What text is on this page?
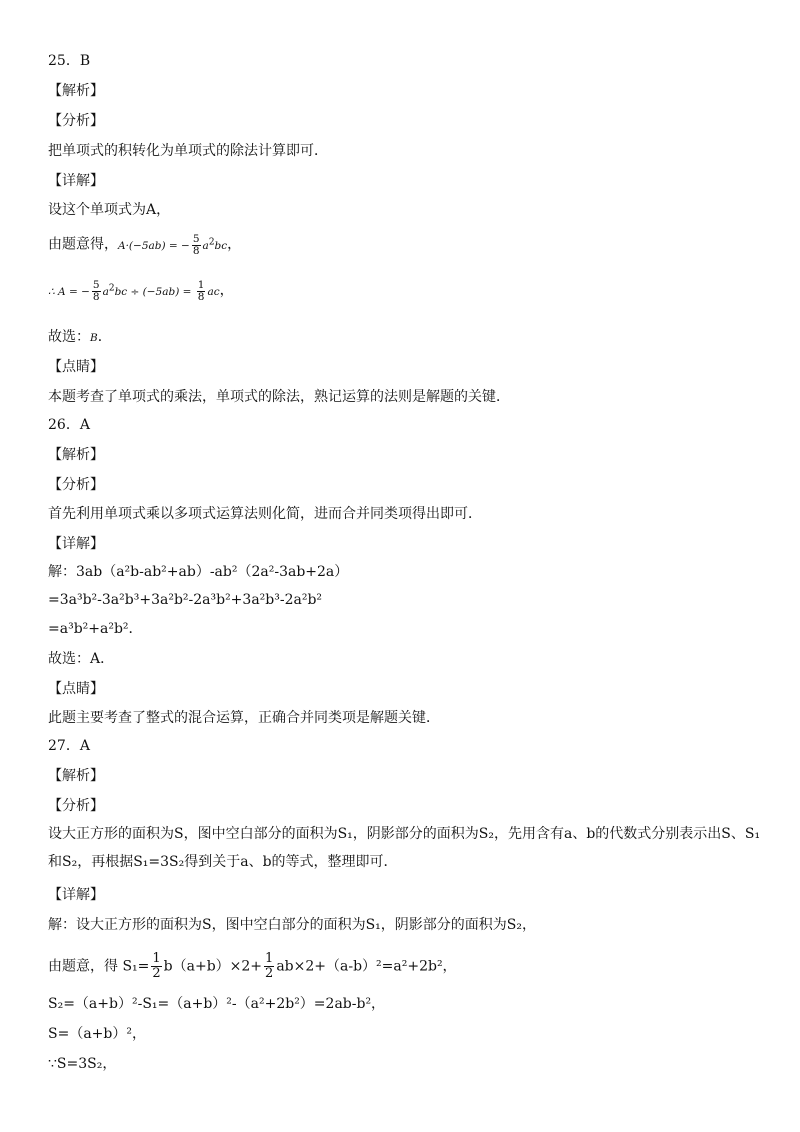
25．B
【解析】
【分析】
把单项式的积转化为单项式的除法计算即可．
【详解】
设这个单项式为A，
由题意得，A·(−5ab) = − $\frac{5}{8} a^2bc$，
∴ A = − $\frac{5}{8} a^2bc \div (-5ab) = \frac{1}{8}$ ac，
故选：B．
【点睛】
本题考查了单项式的乘法，单项式的除法，熟记运算的法则是解题的关键．
26．A
【解析】
【分析】
首先利用单项式乘以多项式运算法则化简，进而合并同类项得出即可．
【详解】
解：3ab（a²b-ab²+ab）-ab²（2a²-3ab+2a）
=3a³b²-3a²b³+3a²b²-2a³b²+3a²b³-2a²b²
=a³b²+a²b²．
故选：A．
【点睛】
此题主要考查了整式的混合运算，正确合并同类项是解题关键．
27．A
【解析】
【分析】
设大正方形的面积为S，图中空白部分的面积为S₁，阴影部分的面积为S₂，先用含有a、b的代数式分别表示出S、S₁和S₂，再根据S₁=3S₂得到关于a、b的等式，整理即可．
【详解】
解：设大正方形的面积为S，图中空白部分的面积为S₁，阴影部分的面积为S₂，
由题意，得 $S_1= \frac{1}{2} b(a+b)\times 2+ \frac{1}{2} ab\times 2+(a-b)^2=a^2+2b^2$，
S₂=（a+b）²-S₁=（a+b）²-（a²+2b²）=2ab-b²，
S=（a+b）²，
∵S=3S₂，
